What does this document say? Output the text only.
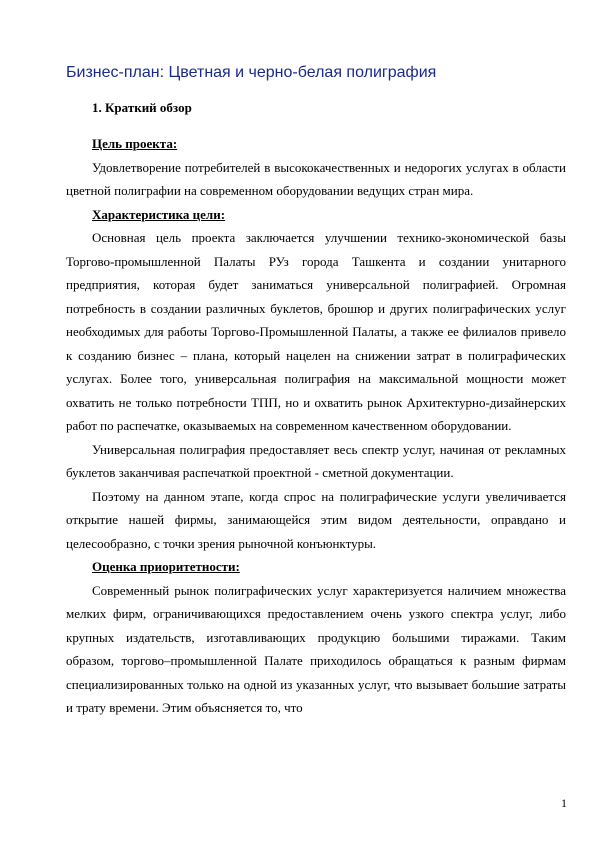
Бизнес-план: Цветная и черно-белая полиграфия
1. Краткий обзор

Цель проекта:

Удовлетворение потребителей в высококачественных и недорогих услугах в области цветной полиграфии на современном оборудовании ведущих стран мира.

Характеристика цели:

Основная цель проекта заключается улучшении технико-экономической базы Торгово-промышленной Палаты РУз города Ташкента и создании унитарного предприятия, которая будет заниматься универсальной полиграфией. Огромная потребность в создании различных буклетов, брошюр и других полиграфических услуг необходимых для работы Торгово-Промышленной Палаты, а также ее филиалов привело к созданию бизнес – плана, который нацелен на снижении затрат в полиграфических услугах. Более того, универсальная полиграфия на максимальной мощности может охватить не только потребности ТПП, но и охватить рынок Архитектурно-дизайнерских работ по распечатке, оказываемых на современном качественном оборудовании.

Универсальная полиграфия предоставляет весь спектр услуг, начиная от рекламных буклетов заканчивая распечаткой проектной - сметной документации.

Поэтому на данном этапе, когда спрос на полиграфические услуги увеличивается открытие нашей фирмы, занимающейся этим видом деятельности, оправдано и целесообразно, с точки зрения рыночной конъюнктуры.

Оценка приоритетности:

Современный рынок полиграфических услуг характеризуется наличием множества мелких фирм, ограничивающихся предоставлением очень узкого спектра услуг, либо крупных издательств, изготавливающих продукцию большими тиражами. Таким образом, торгово–промышленной Палате приходилось обращаться к разным фирмам специализированных только на одной из указанных услуг, что вызывает большие затраты и трату времени. Этим объясняется то, что

1
